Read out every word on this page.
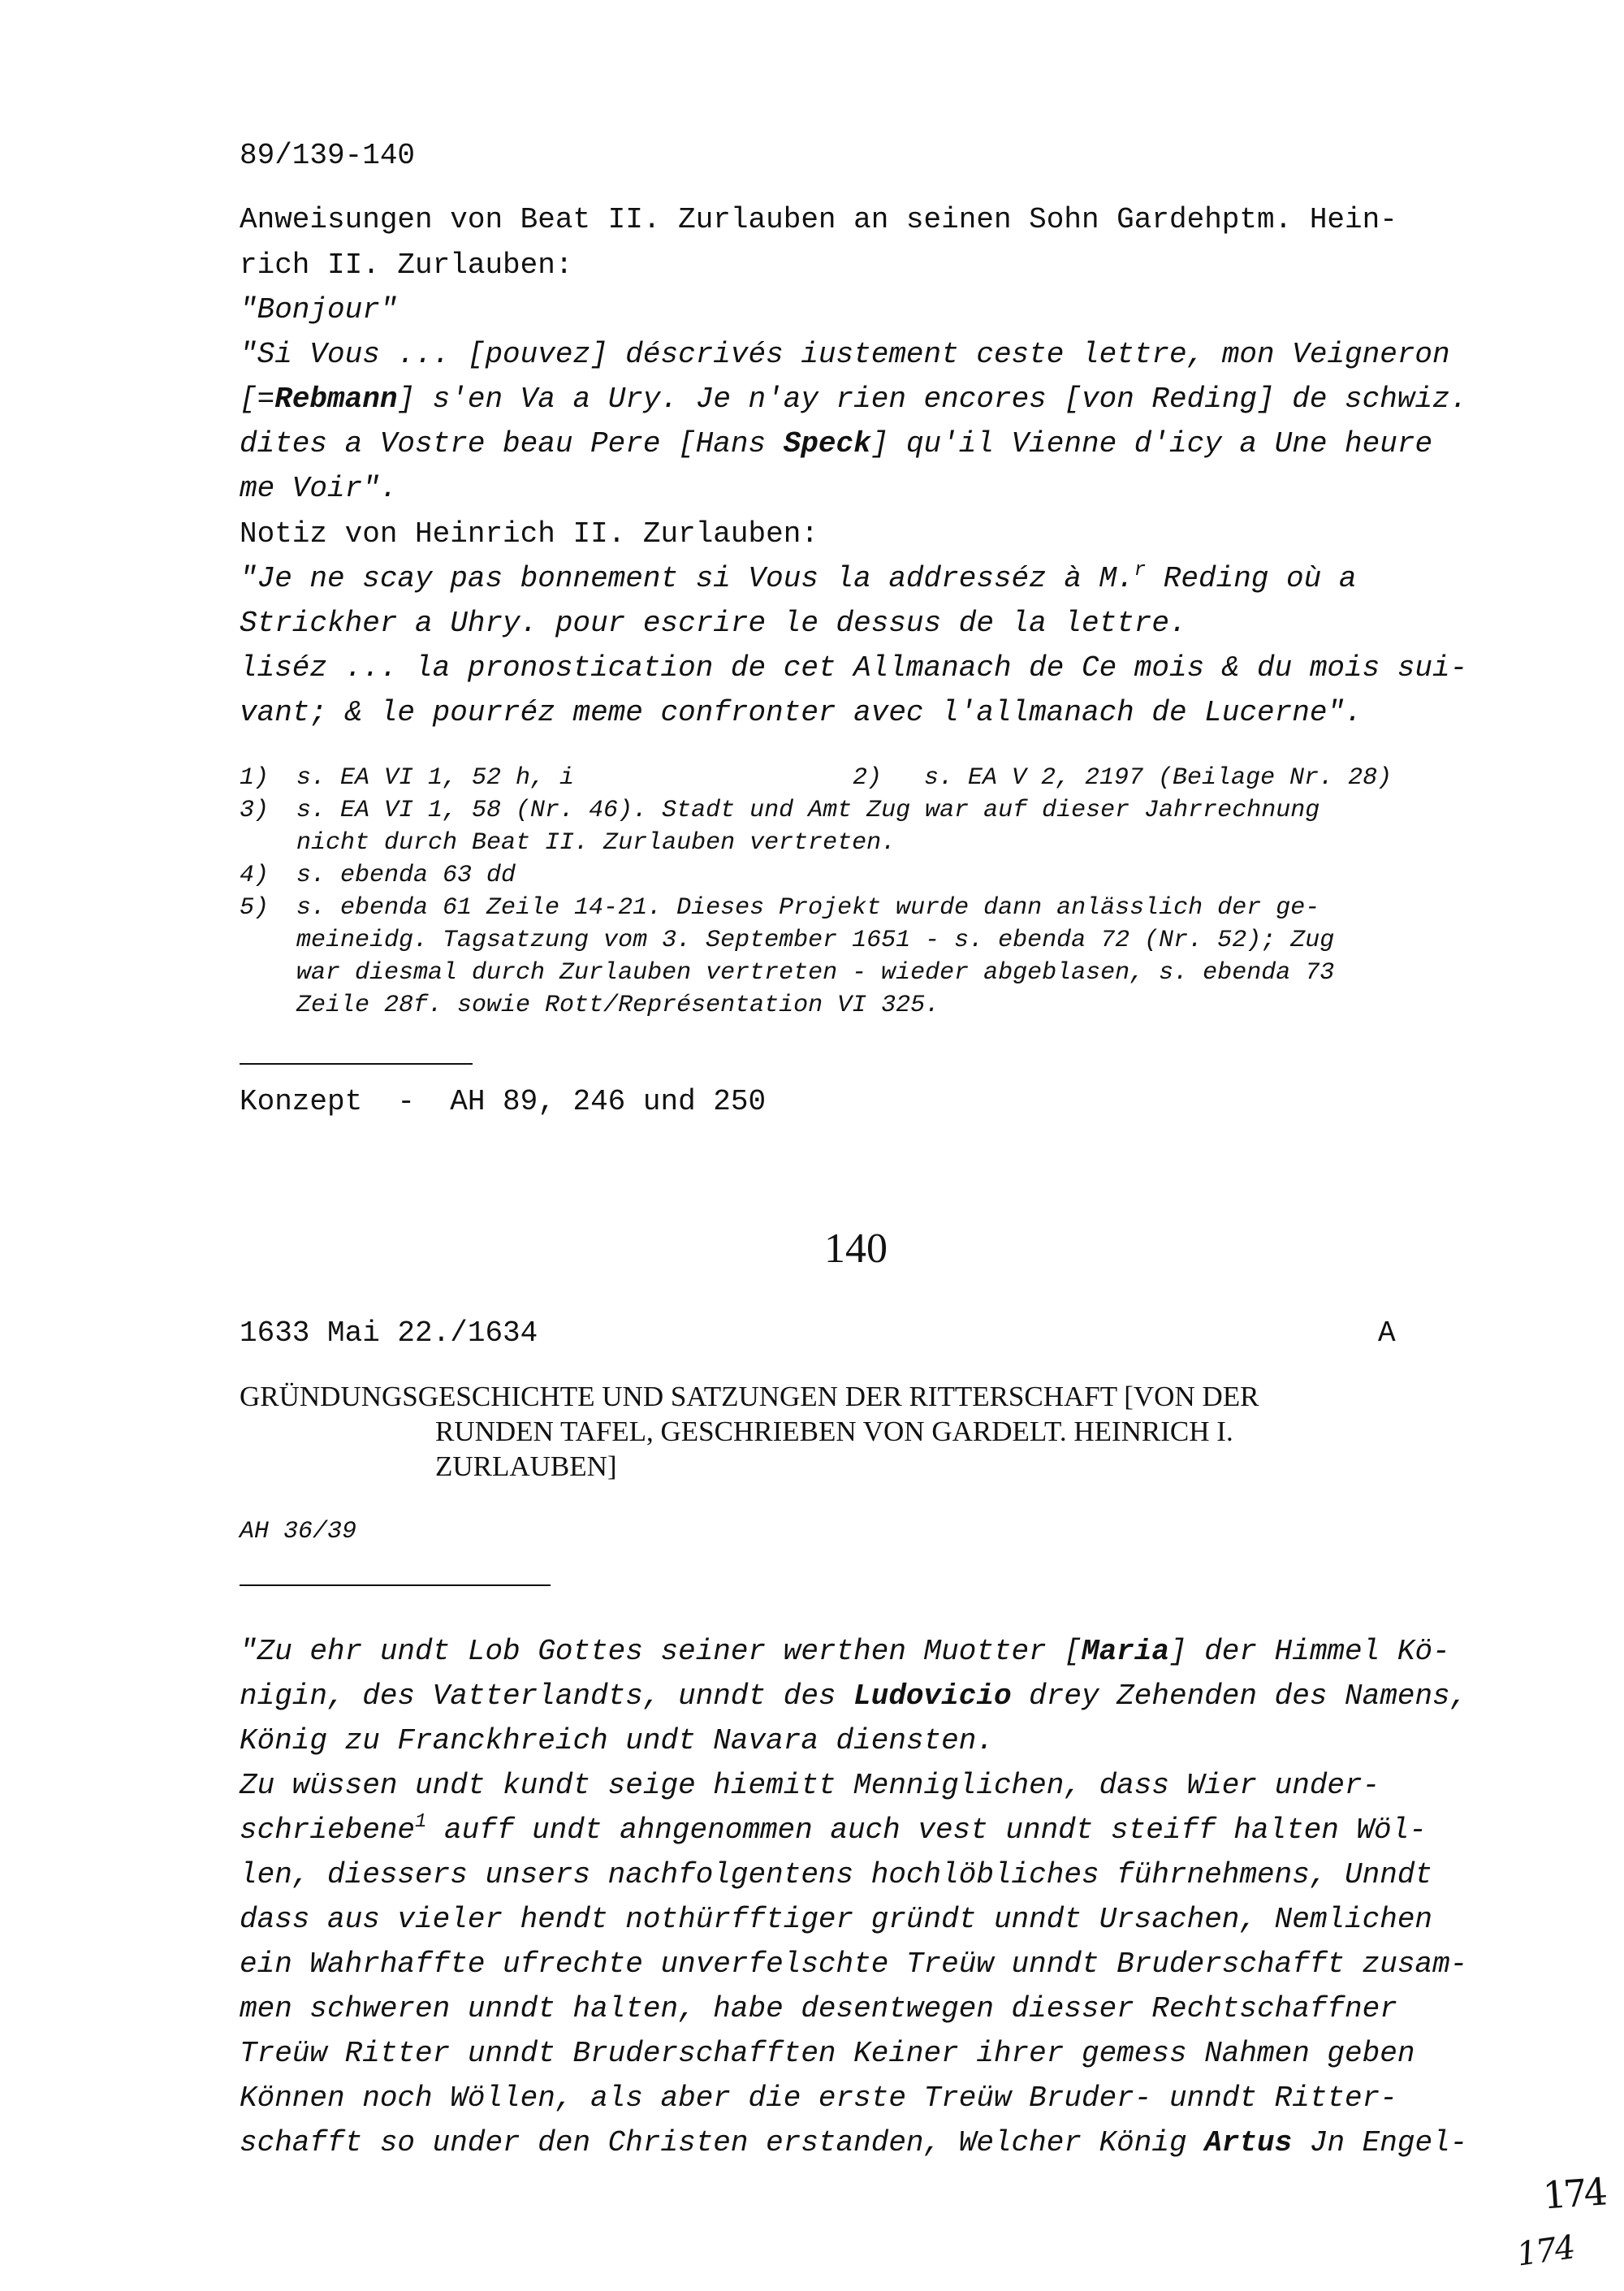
89/139-140
Anweisungen von Beat II. Zurlauben an seinen Sohn Gardehptm. Hein-
rich II. Zurlauben:
"Bonjour"
"Si Vous ... [pouvez] déscrivés iustement ceste lettre, mon Veigneron
[=Rebmann] s'en Va a Ury. Je n'ay rien encores [von Reding] de schwiz.
dites a Vostre beau Pere [Hans Speck] qu'il Vienne d'icy a Une heure
me Voir".
Notiz von Heinrich II. Zurlauben:
"Je ne scay pas bonnement si Vous la addresséz à M.$^r$ Reding où a
Strickher a Uhry. pour escrire le dessus de la lettre.
liséz ... la pronostication de cet Allmanach de Ce mois & du mois sui-
vant; & le pourréz meme confronter avec l'allmanach de Lucerne".
1) s. EA VI 1, 52 h, i	2) s. EA V 2, 2197 (Beilage Nr. 28)
3) s. EA VI 1, 58 (Nr. 46). Stadt und Amt Zug war auf dieser Jahrrechnung
nicht durch Beat II. Zurlauben vertreten.
4) s. ebenda 63 dd
5) s. ebenda 61 Zeile 14-21. Dieses Projekt wurde dann anlässlich der ge-
meineidg. Tagsatzung vom 3. September 1651 - s. ebenda 72 (Nr. 52); Zug
war diesmal durch Zurlauben vertreten - wieder abgeblasen, s. ebenda 73
Zeile 28f. sowie Rott/Représentation VI 325.
Konzept  -  AH 89, 246 und 250
140
1633 Mai 22./1634	A
GRÜNDUNGSGESCHICHTE UND SATZUNGEN DER RITTERSCHAFT [VON DER
RUNDEN TAFEL, GESCHRIEBEN VON GARDELT. HEINRICH I.
ZURLAUBEN]
AH 36/39
"Zu ehr undt Lob Gottes seiner werthen Muotter [Maria] der Himmel Kö-
nigin, des Vatterlandts, unndt des Ludovicio drey Zehenden des Namens,
König zu Franckhreich undt Navara diensten.
Zu wüssen undt kundt seige hiemitt Menniglichen, dass Wier under-
schriebene$^1$ auff undt ahngenommen auch vest unndt steiff halten Wöl-
len, diessers unsers nachfolgentens hochlöbliches führnehmens, Unndt
dass aus vieler hendt nothürfftiger gründt unndt Ursachen, Nemlichen
ein Wahrhaffte ufrechte unverfelschte Treüw unndt Bruderschafft zusam-
men schweren unndt halten, habe desentwegen diesser Rechtschaffner
Treüw Ritter unndt Bruderschafften Keiner ihrer gemess Nahmen geben
Können noch Wöllen, als aber die erste Treüw Bruder- unndt Ritter-
schafft so under den Christen erstanden, Welcher König Artus Jn Engel-
174
174
